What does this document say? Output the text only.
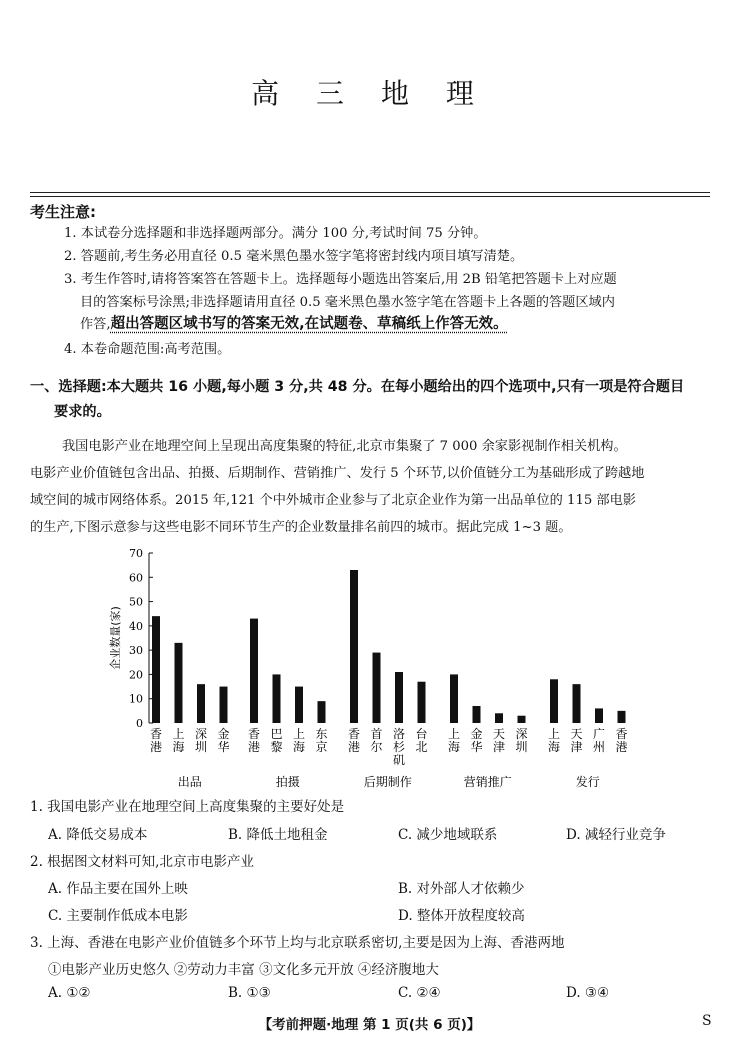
高 三 地 理
考生注意:
1. 本试卷分选择题和非选择题两部分。满分 100 分,考试时间 75 分钟。
2. 答题前,考生务必用直径 0.5 毫米黑色墨水签字笔将密封线内项目填写清楚。
3. 考生作答时,请将答案答在答题卡上。选择题每小题选出答案后,用 2B 铅笔把答题卡上对应题
目的答案标号涂黑;非选择题请用直径 0.5 毫米黑色墨水签字笔在答题卡上各题的答题区域内
作答,超出答题区域书写的答案无效,在试题卷、草稿纸上作答无效。
4. 本卷命题范围:高考范围。
一、选择题:本大题共 16 小题,每小题 3 分,共 48 分。在每小题给出的四个选项中,只有一项是符合题目
要求的。
我国电影产业在地理空间上呈现出高度集聚的特征,北京市集聚了 7 000 余家影视制作相关机构。
电影产业价值链包含出品、拍摄、后期制作、营销推广、发行 5 个环节,以价值链分工为基础形成了跨越地
域空间的城市网络体系。2015 年,121 个中外城市企业参与了北京企业作为第一出品单位的 115 部电影
的生产,下图示意参与这些电影不同环节生产的企业数量排名前四的城市。据此完成 1~3 题。
0
10
20
30
40
50
60
70
企业数量(家)
香港
上海
深圳
金华
出品
香港
巴黎
上海
东京
拍摄
香港
首尔
洛杉矶
台北
后期制作
上海
金华
天津
深圳
营销推广
上海
天津
广州
香港
发行
1. 我国电影产业在地理空间上高度集聚的主要好处是
A. 降低交易成本	B. 降低土地租金	C. 减少地域联系	D. 减轻行业竞争
2. 根据图文材料可知,北京市电影产业
A. 作品主要在国外上映	B. 对外部人才依赖少
C. 主要制作低成本电影	D. 整体开放程度较高
3. 上海、香港在电影产业价值链多个环节上均与北京联系密切,主要是因为上海、香港两地
①电影产业历史悠久 ②劳动力丰富 ③文化多元开放 ④经济腹地大
A. ①②	B. ①③	C. ②④	D. ③④
【考前押题·地理 第 1 页(共 6 页)】	S
